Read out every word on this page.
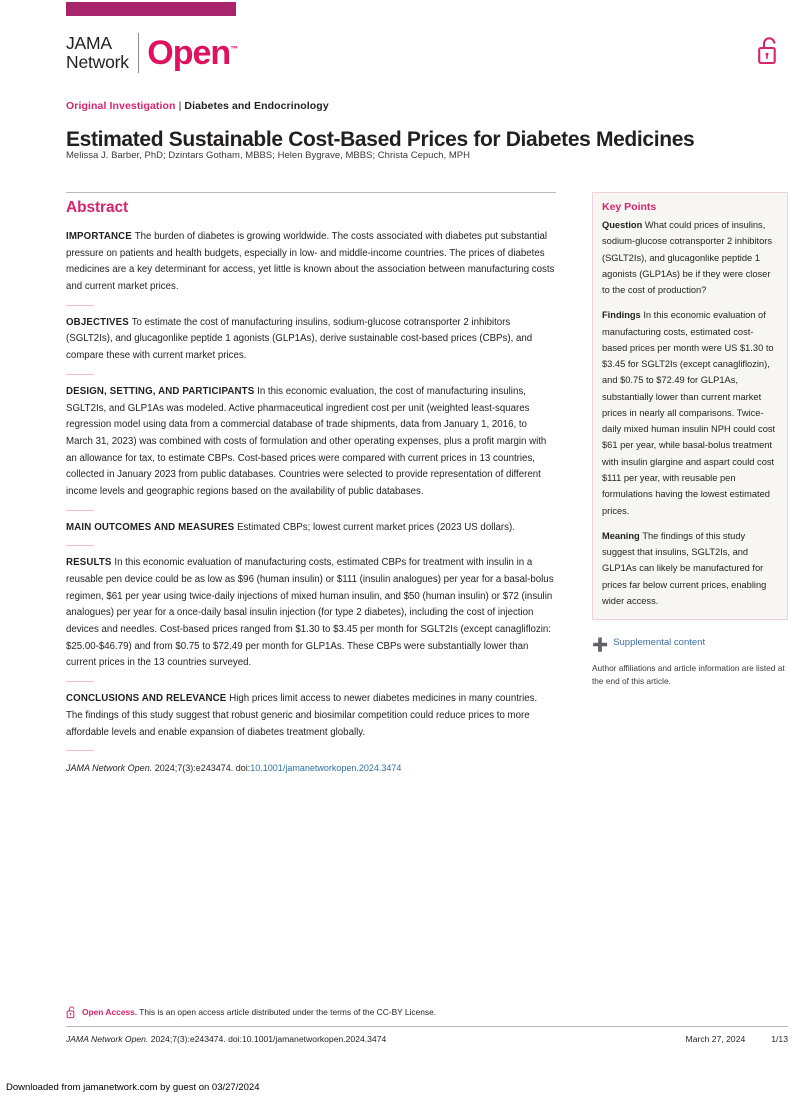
JAMA
Network Open™
Original Investigation | Diabetes and Endocrinology
Estimated Sustainable Cost-Based Prices for Diabetes Medicines
Melissa J. Barber, PhD; Dzintars Gotham, MBBS; Helen Bygrave, MBBS; Christa Cepuch, MPH
Abstract

IMPORTANCE The burden of diabetes is growing worldwide. The costs associated with diabetes put substantial pressure on patients and health budgets, especially in low- and middle-income countries. The prices of diabetes medicines are a key determinant for access, yet little is known about the association between manufacturing costs and current market prices.

OBJECTIVES To estimate the cost of manufacturing insulins, sodium-glucose cotransporter 2 inhibitors (SGLT2Is), and glucagonlike peptide 1 agonists (GLP1As), derive sustainable cost-based prices (CBPs), and compare these with current market prices.

DESIGN, SETTING, AND PARTICIPANTS In this economic evaluation, the cost of manufacturing insulins, SGLT2Is, and GLP1As was modeled. Active pharmaceutical ingredient cost per unit (weighted least-squares regression model using data from a commercial database of trade shipments, data from January 1, 2016, to March 31, 2023) was combined with costs of formulation and other operating expenses, plus a profit margin with an allowance for tax, to estimate CBPs. Cost-based prices were compared with current prices in 13 countries, collected in January 2023 from public databases. Countries were selected to provide representation of different income levels and geographic regions based on the availability of public databases.

MAIN OUTCOMES AND MEASURES Estimated CBPs; lowest current market prices (2023 US dollars).

RESULTS In this economic evaluation of manufacturing costs, estimated CBPs for treatment with insulin in a reusable pen device could be as low as $96 (human insulin) or $111 (insulin analogues) per year for a basal-bolus regimen, $61 per year using twice-daily injections of mixed human insulin, and $50 (human insulin) or $72 (insulin analogues) per year for a once-daily basal insulin injection (for type 2 diabetes), including the cost of injection devices and needles. Cost-based prices ranged from $1.30 to $3.45 per month for SGLT2Is (except canagliflozin: $25.00-$46.79) and from $0.75 to $72.49 per month for GLP1As. These CBPs were substantially lower than current prices in the 13 countries surveyed.

CONCLUSIONS AND RELEVANCE High prices limit access to newer diabetes medicines in many countries. The findings of this study suggest that robust generic and biosimilar competition could reduce prices to more affordable levels and enable expansion of diabetes treatment globally.

JAMA Network Open. 2024;7(3):e243474. doi:10.1001/jamanetworkopen.2024.3474
Key Points

Question What could prices of insulins, sodium-glucose cotransporter 2 inhibitors (SGLT2Is), and glucagonlike peptide 1 agonists (GLP1As) be if they were closer to the cost of production?

Findings In this economic evaluation of manufacturing costs, estimated cost-based prices per month were US $1.30 to $3.45 for SGLT2Is (except canagliflozin), and $0.75 to $72.49 for GLP1As, substantially lower than current market prices in nearly all comparisons. Twice-daily mixed human insulin NPH could cost $61 per year, while basal-bolus treatment with insulin glargine and aspart could cost $111 per year, with reusable pen formulations having the lowest estimated prices.

Meaning The findings of this study suggest that insulins, SGLT2Is, and GLP1As can likely be manufactured for prices far below current prices, enabling wider access.

➕ Supplemental content
Author affiliations and article information are listed at the end of this article.
Open Access. This is an open access article distributed under the terms of the CC-BY License.
JAMA Network Open. 2024;7(3):e243474. doi:10.1001/jamanetworkopen.2024.3474	March 27, 2024	1/13
Downloaded from jamanetwork.com by guest on 03/27/2024
